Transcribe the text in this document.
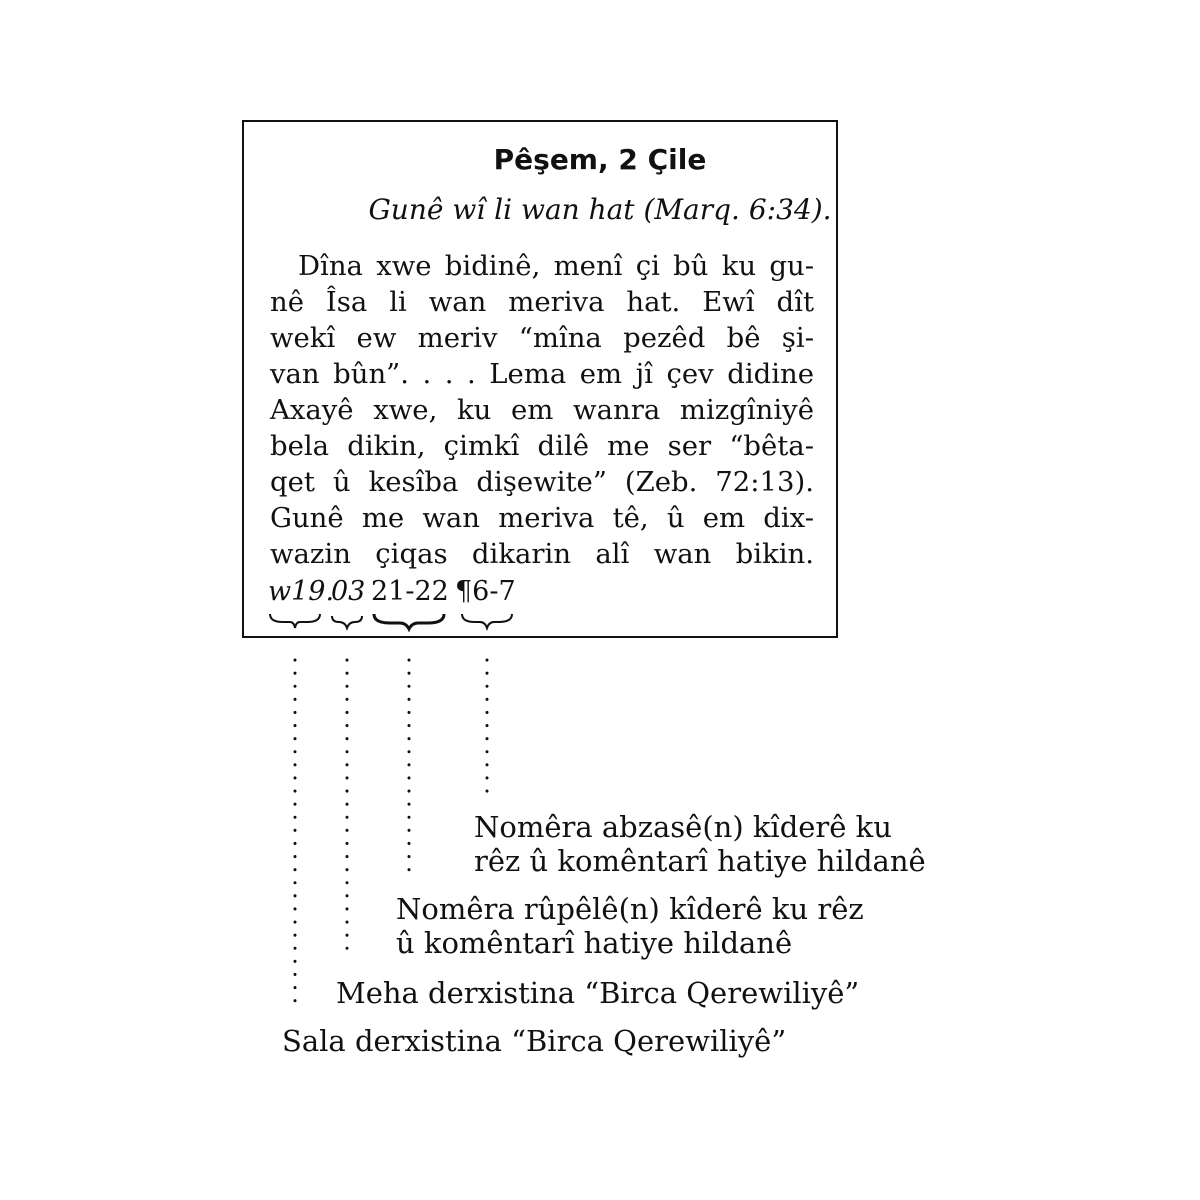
Pêşem, 2 Çile
Gunê wî li wan hat (Marq. 6:34).
Dîna xwe bidinê, menî çi bû ku gu-
nê Îsa li wan meriva hat. Ewî dît
wekî ew meriv “mîna pezêd bê şi-
van bûn”. . . . Lema em jî çev didine
Axayê xwe, ku em wanra mizgîniyê
bela dikin, çimkî dilê me ser “bêta-
qet û kesîba dişewite” (Zeb. 72:13).
Gunê me wan meriva tê, û em dix-
wazin çiqas dikarin alî wan bikin.
w19.
03 21-22 ¶6-7
Nomêra abzasê(n) kîderê ku
rêz û komêntarî hatiye hildanê
Nomêra rûpêlê(n) kîderê ku rêz
û komêntarî hatiye hildanê
Meha derxistina “Birca Qerewiliyê”
Sala derxistina “Birca Qerewiliyê”
